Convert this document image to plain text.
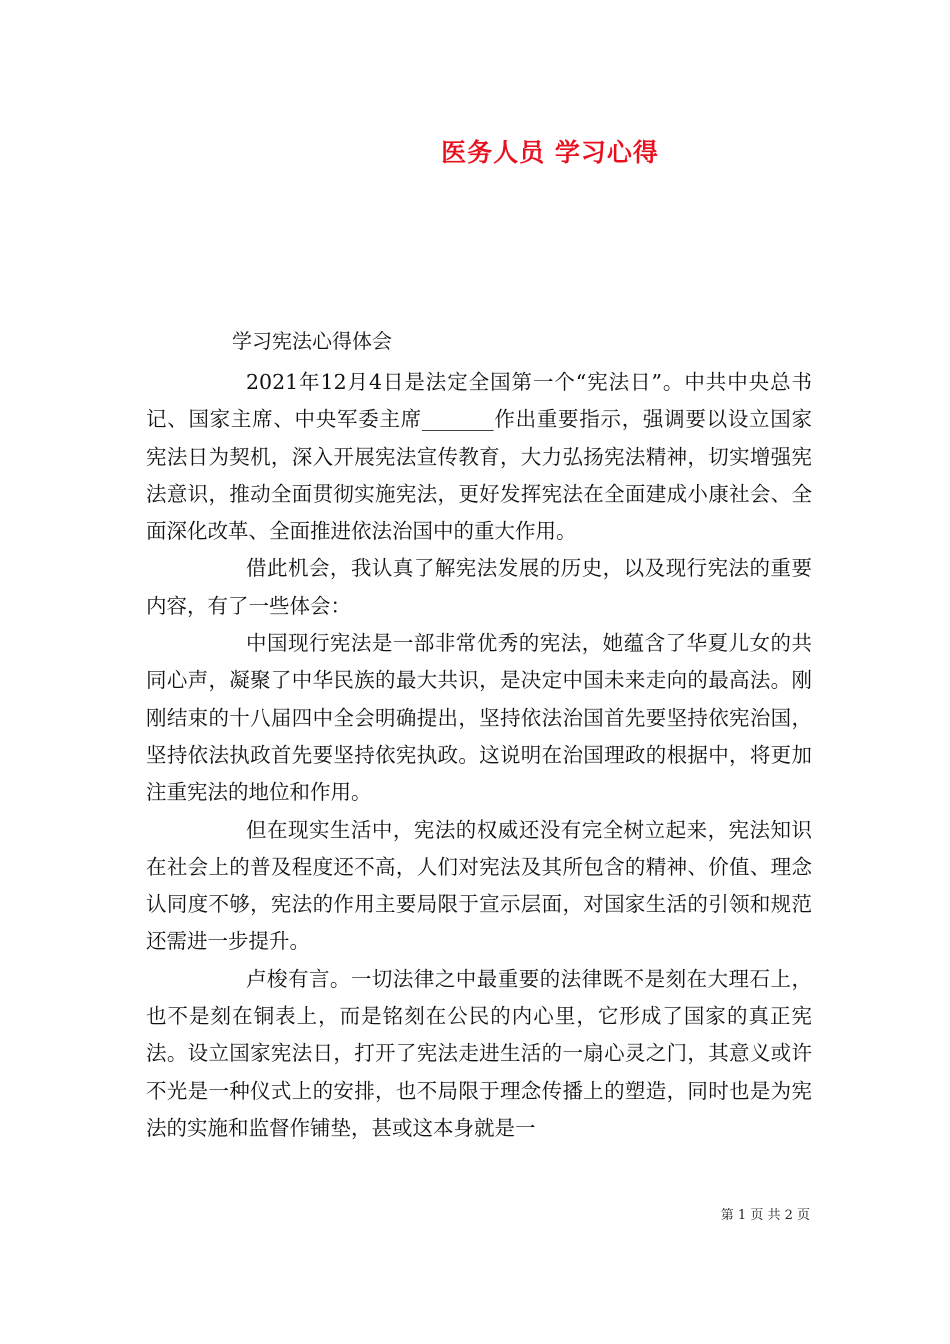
医务人员 学习心得
学习宪法心得体会

2021年12月4日是法定全国第一个“宪法日”。中共中央总书记、国家主席、中央军委主席_______作出重要指示，强调要以设立国家宪法日为契机，深入开展宪法宣传教育，大力弘扬宪法精神，切实增强宪法意识，推动全面贯彻实施宪法，更好发挥宪法在全面建成小康社会、全面深化改革、全面推进依法治国中的重大作用。

借此机会，我认真了解宪法发展的历史，以及现行宪法的重要内容，有了一些体会：

中国现行宪法是一部非常优秀的宪法，她蕴含了华夏儿女的共同心声，凝聚了中华民族的最大共识，是决定中国未来走向的最高法。刚刚结束的十八届四中全会明确提出，坚持依法治国首先要坚持依宪治国，坚持依法执政首先要坚持依宪执政。这说明在治国理政的根据中，将更加注重宪法的地位和作用。

但在现实生活中，宪法的权威还没有完全树立起来，宪法知识在社会上的普及程度还不高，人们对宪法及其所包含的精神、价值、理念认同度不够，宪法的作用主要局限于宣示层面，对国家生活的引领和规范还需进一步提升。

卢梭有言。一切法律之中最重要的法律既不是刻在大理石上，也不是刻在铜表上，而是铭刻在公民的内心里，它形成了国家的真正宪法。设立国家宪法日，打开了宪法走进生活的一扇心灵之门，其意义或许不光是一种仪式上的安排，也不局限于理念传播上的塑造，同时也是为宪法的实施和监督作铺垫，甚或这本身就是一

第 1 页 共 2 页
